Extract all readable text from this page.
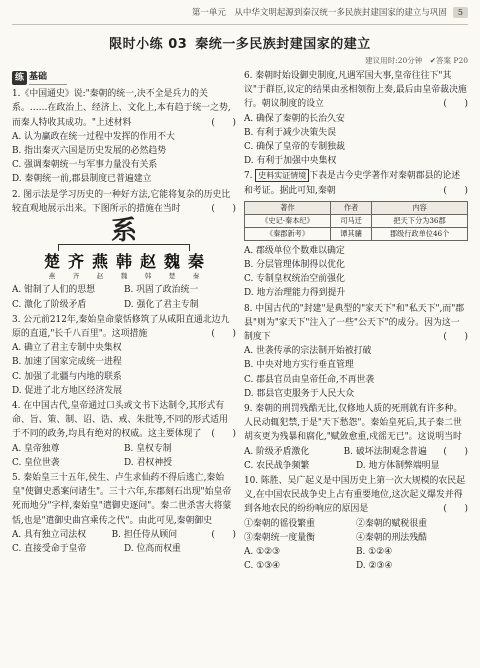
第一单元　从中华文明起源到秦汉统一多民族封建国家的建立与巩固	5
限时小练 03 秦统一多民族封建国家的建立
建议用时:20分钟　✔答案 P20
练 基础

1.《中国通史》说:"秦朝的统一,决不全是兵力的关系。……在政治上、经济上、文化上,本有趋于统一之势,而秦人特收其成功。"上述材料	(　　)

A. 认为赢政在统一过程中发挥的作用不大

B. 指出秦灭六国是历史发展的必然趋势

C. 强调秦朝统一与军事力量没有关系

D. 秦朝统一前,郡县制度已普遍建立

2. 图示法是学习历史的一种好方法,它能将复杂的历史比较直观地展示出来。下图所示的措施在当时	(　　)

系
楚 齐 燕 韩 赵 魏 秦
燕	齐	赵	魏	韩	楚	秦
A. 钳制了人们的思想	B. 巩固了政治统一
C. 激化了阶级矛盾	D. 强化了君主专制

3. 公元前212年,秦始皇命蒙恬修筑了从咸阳直通北边九原的直道,"长千八百里"。这项措施	(　　)

A. 确立了君主专制中央集权

B. 加速了国家完成统一进程

C. 加强了北疆与内地的联系

D. 促进了北方地区经济发展

4. 在中国古代,皇帝通过口头或文书下达制令,其形式有命、旨、策、制、诏、诰、戒、朱批等,不同的形式适用于不同的政务,均具有绝对的权威。这主要体现了 (　　)

A. 皇帝独尊	B. 皇权专制
C. 皇位世袭	D. 君权神授

5. 秦始皇三十五年,侯生、卢生求仙药不得后逃亡,秦始皇"使御史悉案问诸生"。三十六年,东郡刻石出现"始皇帝死而地分"字样,秦始皇"遣御史逐问"。秦二世杀害大将蒙恬,也是"遣御史曲宫乘传之代"。由此可见,秦朝御史
(　　)

A. 具有独立司法权	B. 担任侍从顾问
C. 直接受命于皇帝	D. 位高而权重

6. 秦朝时始设御史制度,凡遇军国大事,皇帝往往下"其议"于群臣,议定的结果由丞相领衔上奏,最后由皇帝裁决施行。朝议制度的设立	(　　)

A. 确保了秦朝的长治久安

B. 有利于减少决策失误

C. 确保了皇帝的专制独裁

D. 有利于加强中央集权

7. 史料实证情境 下表是古今史学著作对秦朝郡县的论述和考证。据此可知,秦朝	(　　)

著作	作者	内容
《史记·秦本纪》	司马迁	把天下分为36郡
《秦郡新考》	谭其骧	郡级行政单位46个

A. 郡级单位个数难以确定

B. 分层管理体制得以优化

C. 专制皇权统治空前强化

D. 地方治理能力得到提升

8. 中国古代的"封建"是典型的"家天下"和"私天下",而"郡县"则为"家天下"注入了一些"公天下"的成分。因为这一制度下	(　　)

A. 世袭传承的宗法制开始被打破

B. 中央对地方实行垂直管理

C. 郡县官员由皇帝任命,不再世袭

D. 郡县官吏服务于人民大众

9. 秦朝的刑罚残酷无比,仅修地人质的死刑就有许多种。人民动辄犯禁,于是"天下愁怨"。秦始皇死后,其子秦二世胡亥更为残暴和腐化,"赋敛愈重,戍徭无已"。这说明当时
(　　)

A. 阶级矛盾激化	B. 破坏法制观念普遍
C. 农民战争频繁	D. 地方体制弊端明显

10. 陈胜、吴广起义是中国历史上第一次大规模的农民起义,在中国农民战争史上占有重要地位,这次起义爆发并得到各地农民的纷纷响应的原因是	(　　)

①秦朝的徭役繁重	②秦朝的赋税很重
③秦朝统一度量衡	④秦朝的刑法残酷
A. ①②③	B. ①②④
C. ①③④	D. ②③④
